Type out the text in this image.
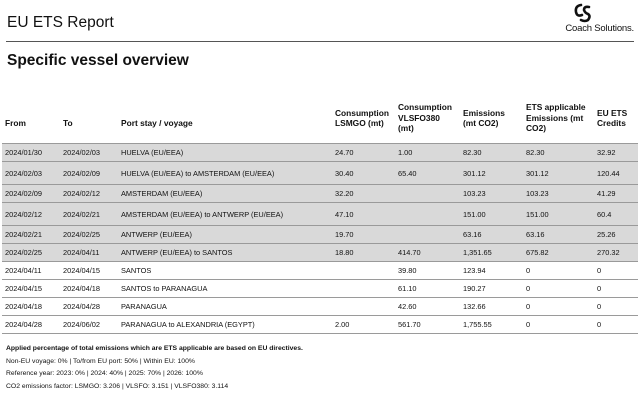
EU ETS Report	Coach Solutions.
Specific vessel overview
From	To	Port stay / voyage	Consumption LSMGO (mt)	Consumption VLSFO380 (mt)	Emissions (mt CO2)	ETS applicable Emissions (mt CO2)	EU ETS Credits
2024/01/30	2024/02/03	HUELVA (EU/EEA)	24.70	1.00	82.30	82.30	32.92
2024/02/03	2024/02/09	HUELVA (EU/EEA) to AMSTERDAM (EU/EEA)	30.40	65.40	301.12	301.12	120.44
2024/02/09	2024/02/12	AMSTERDAM (EU/EEA)	32.20		103.23	103.23	41.29
2024/02/12	2024/02/21	AMSTERDAM (EU/EEA) to ANTWERP (EU/EEA)	47.10		151.00	151.00	60.4
2024/02/21	2024/02/25	ANTWERP (EU/EEA)	19.70		63.16	63.16	25.26
2024/02/25	2024/04/11	ANTWERP (EU/EEA) to SANTOS	18.80	414.70	1,351.65	675.82	270.32
2024/04/11	2024/04/15	SANTOS		39.80	123.94	0	0
2024/04/15	2024/04/18	SANTOS to PARANAGUA		61.10	190.27	0	0
2024/04/18	2024/04/28	PARANAGUA		42.60	132.66	0	0
2024/04/28	2024/06/02	PARANAGUA to ALEXANDRIA (EGYPT)	2.00	561.70	1,755.55	0	0
Applied percentage of total emissions which are ETS applicable are based on EU directives.
Non-EU voyage: 0% | To/from EU port: 50% | Within EU: 100%
Reference year: 2023: 0% | 2024: 40% | 2025: 70% | 2026: 100%
CO2 emissions factor: LSMGO: 3.206 | VLSFO: 3.151 | VLSFO380: 3.114
